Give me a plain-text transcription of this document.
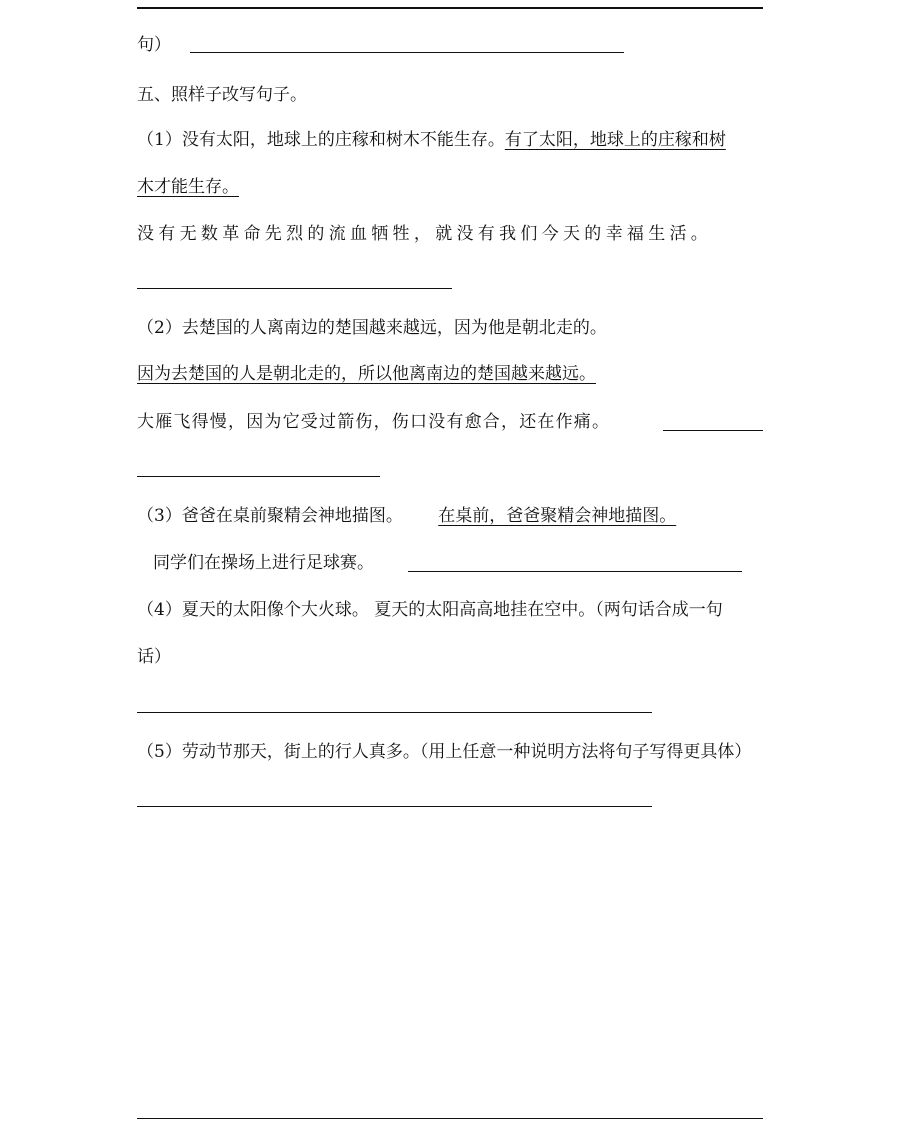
句）
五、照样子改写句子。
（1）没有太阳，地球上的庄稼和树木不能生存。有了太阳，地球上的庄稼和树
木才能生存。
没有无数革命先烈的流血牺牲，就没有我们今天的幸福生活。
（2）去楚国的人离南边的楚国越来越远，因为他是朝北走的。
因为去楚国的人是朝北走的，所以他离南边的楚国越来越远。
大雁飞得慢，因为它受过箭伤，伤口没有愈合，还在作痛。
（3）爸爸在桌前聚精会神地描图。 在桌前，爸爸聚精会神地描图。
同学们在操场上进行足球赛。
（4）夏天的太阳像个大火球。 夏天的太阳高高地挂在空中。（两句话合成一句
话）
（5）劳动节那天，街上的行人真多。（用上任意一种说明方法将句子写得更具体）
